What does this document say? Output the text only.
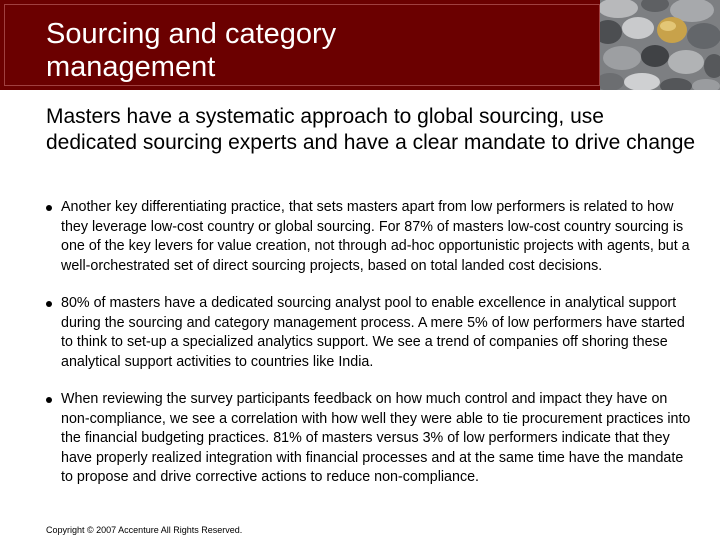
Sourcing and category
management

Masters have a systematic approach to global sourcing, use dedicated sourcing experts and have a clear mandate to drive change

Another key differentiating practice, that sets masters apart from low performers is related to how they leverage low-cost country or global sourcing. For 87% of masters low-cost country sourcing is one of the key levers for value creation, not through ad-hoc opportunistic projects with agents, but a well-orchestrated set of direct sourcing projects, based on total landed cost decisions.
80% of masters have a dedicated sourcing analyst pool to enable excellence in analytical support during the sourcing and category management process. A mere 5% of low performers have started to think to set-up a specialized analytics support. We see a trend of companies off shoring these analytical support activities to countries like India.
When reviewing the survey participants feedback on how much control and impact they have on non-compliance, we see a correlation with how well they were able to tie procurement practices into the financial budgeting practices. 81% of masters versus 3% of low performers indicate that they have properly realized integration with financial processes and at the same time have the mandate to propose and drive corrective actions to reduce non-compliance.
Copyright © 2007 Accenture All Rights Reserved.
